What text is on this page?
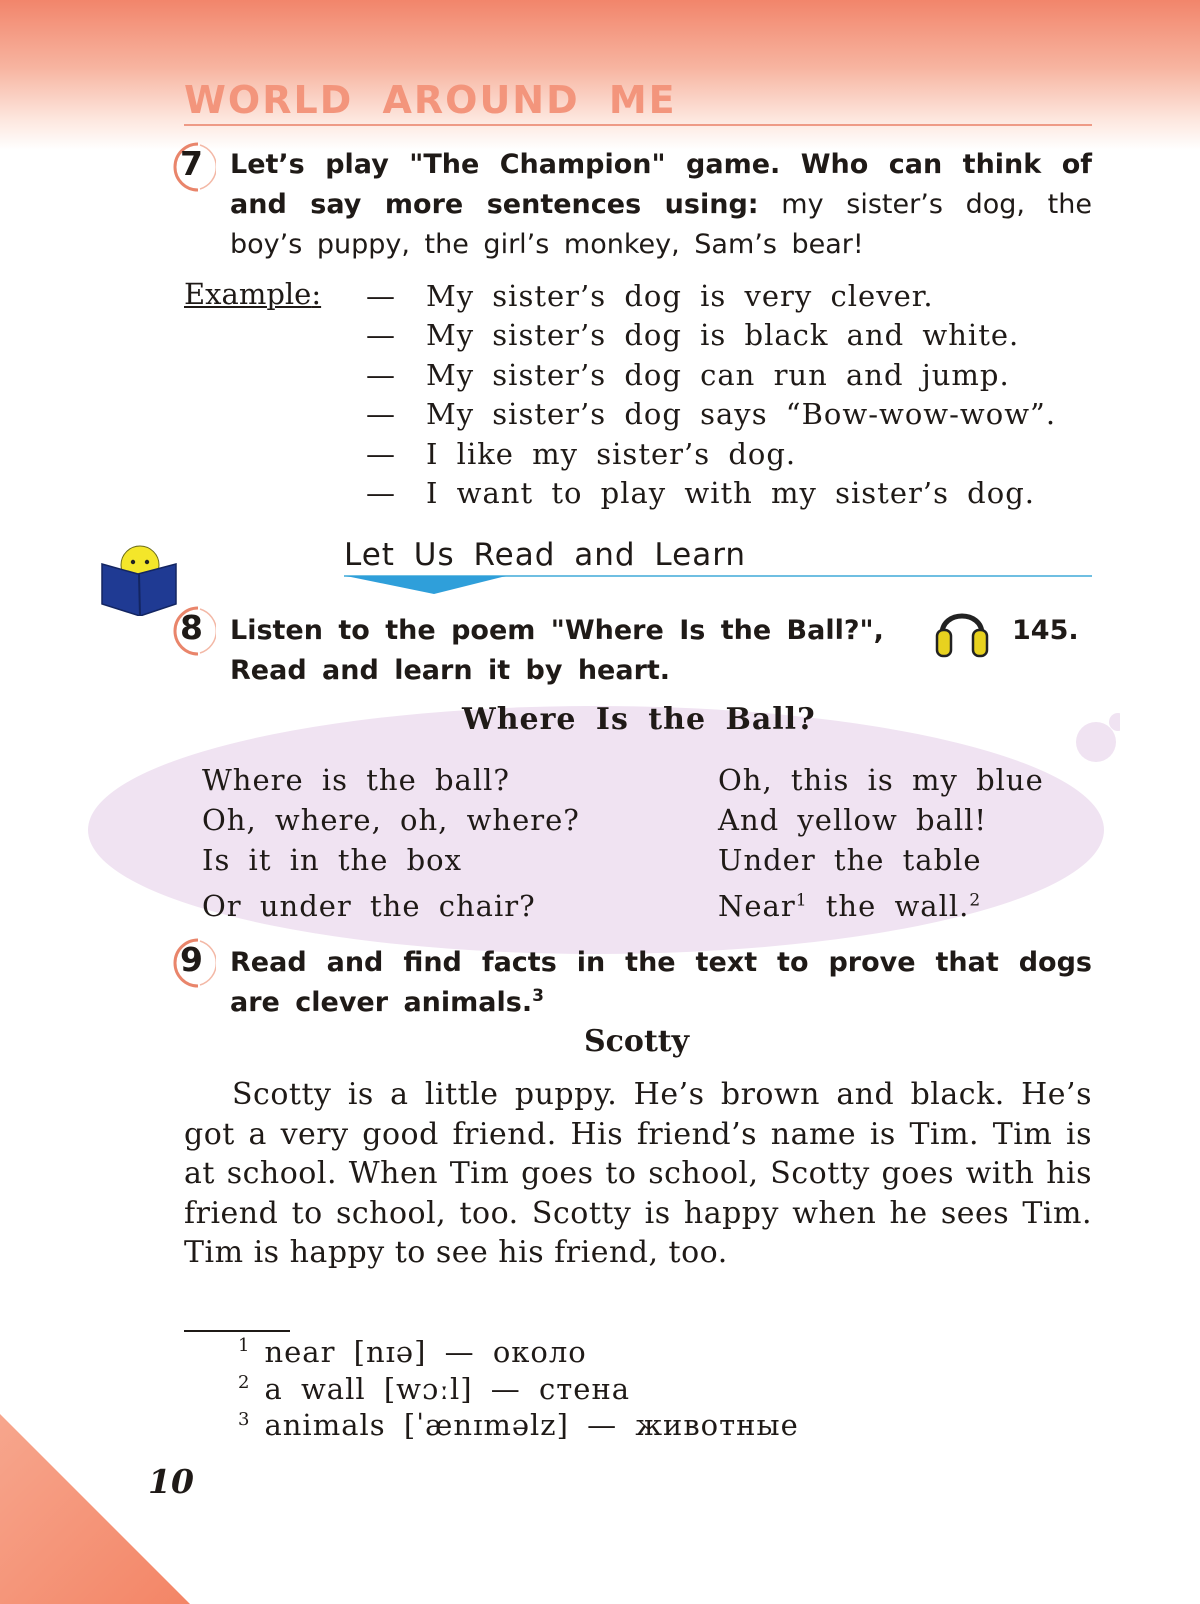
WORLD AROUND ME
7 Let’s play "The Champion" game. Who can think of
and say more sentences using: my sister’s dog, the
boy’s puppy, the girl’s monkey, Sam’s bear!
Example: — My sister’s dog is very clever.
— My sister’s dog is black and white.
— My sister’s dog can run and jump.
— My sister’s dog says “Bow-wow-wow”.
— I like my sister’s dog.
— I want to play with my sister’s dog.
Let Us Read and Learn
8 Listen to the poem "Where Is the Ball?",	145.
Read and learn it by heart.
Where Is the Ball?
Where is the ball?
Oh, where, oh, where?
Is it in the box
Or under the chair?
Oh, this is my blue
And yellow ball!
Under the table
Near$^1$ the wall.$^2$
9 Read and find facts in the text to prove that dogs
are clever animals.$^3$
Scotty
Scotty is a little puppy. He’s brown and black. He’s got a very good friend. His friend’s name is Tim. Tim is at school. When Tim goes to school, Scotty goes with his friend to school, too. Scotty is happy when he sees Tim. Tim is happy to see his friend, too.
$^1$ near [nɪə] — около
$^2$ a wall [wɔːl] — стена
$^3$ animals [ˈænɪməlz] — животные
10
